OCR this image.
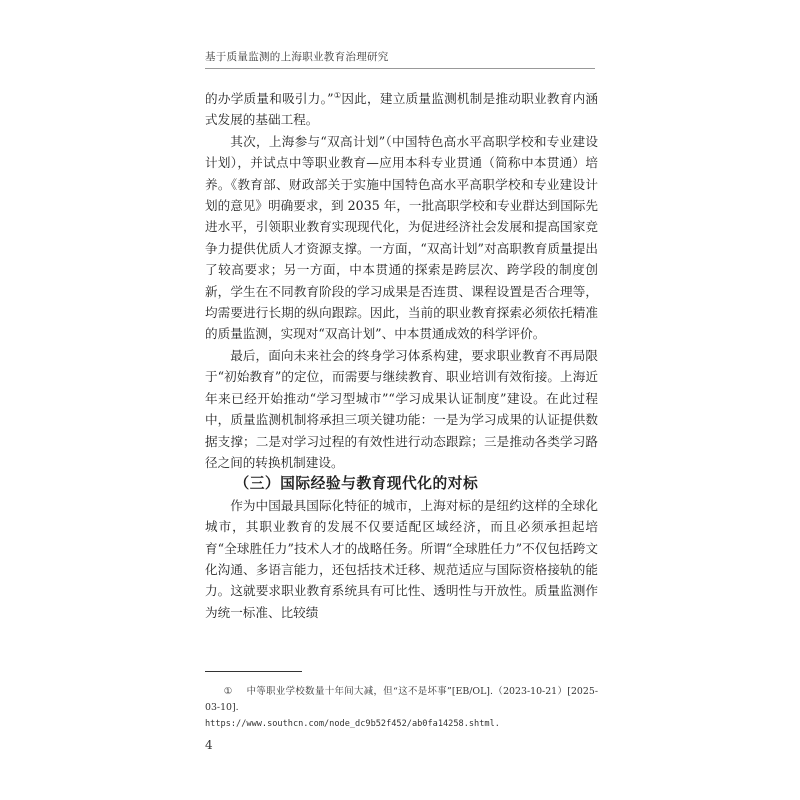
基于质量监测的上海职业教育治理研究

的办学质量和吸引力。”①因此，建立质量监测机制是推动职业教育内涵式发展的基础工程。

其次，上海参与“双高计划”（中国特色高水平高职学校和专业建设计划），并试点中等职业教育—应用本科专业贯通（简称中本贯通）培养。《教育部、财政部关于实施中国特色高水平高职学校和专业建设计划的意见》明确要求，到 2035 年，一批高职学校和专业群达到国际先进水平，引领职业教育实现现代化，为促进经济社会发展和提高国家竞争力提供优质人才资源支撑。一方面，“双高计划”对高职教育质量提出了较高要求；另一方面，中本贯通的探索是跨层次、跨学段的制度创新，学生在不同教育阶段的学习成果是否连贯、课程设置是否合理等，均需要进行长期的纵向跟踪。因此，当前的职业教育探索必须依托精准的质量监测，实现对“双高计划”、中本贯通成效的科学评价。

最后，面向未来社会的终身学习体系构建，要求职业教育不再局限于“初始教育”的定位，而需要与继续教育、职业培训有效衔接。上海近年来已经开始推动“学习型城市”“学习成果认证制度”建设。在此过程中，质量监测机制将承担三项关键功能：一是为学习成果的认证提供数据支撑；二是对学习过程的有效性进行动态跟踪；三是推动各类学习路径之间的转换机制建设。

（三）国际经验与教育现代化的对标

作为中国最具国际化特征的城市，上海对标的是纽约这样的全球化城市，其职业教育的发展不仅要适配区域经济，而且必须承担起培育“全球胜任力”技术人才的战略任务。所谓“全球胜任力”不仅包括跨文化沟通、多语言能力，还包括技术迁移、规范适应与国际资格接轨的能力。这就要求职业教育系统具有可比性、透明性与开放性。质量监测作为统一标准、比较绩

① 中等职业学校数量十年间大减，但“这不是坏事”[EB/OL].（2023-10-21）[2025-03-10].
https://www.southcn.com/node_dc9b52f452/ab0fa14258.shtml.
4
